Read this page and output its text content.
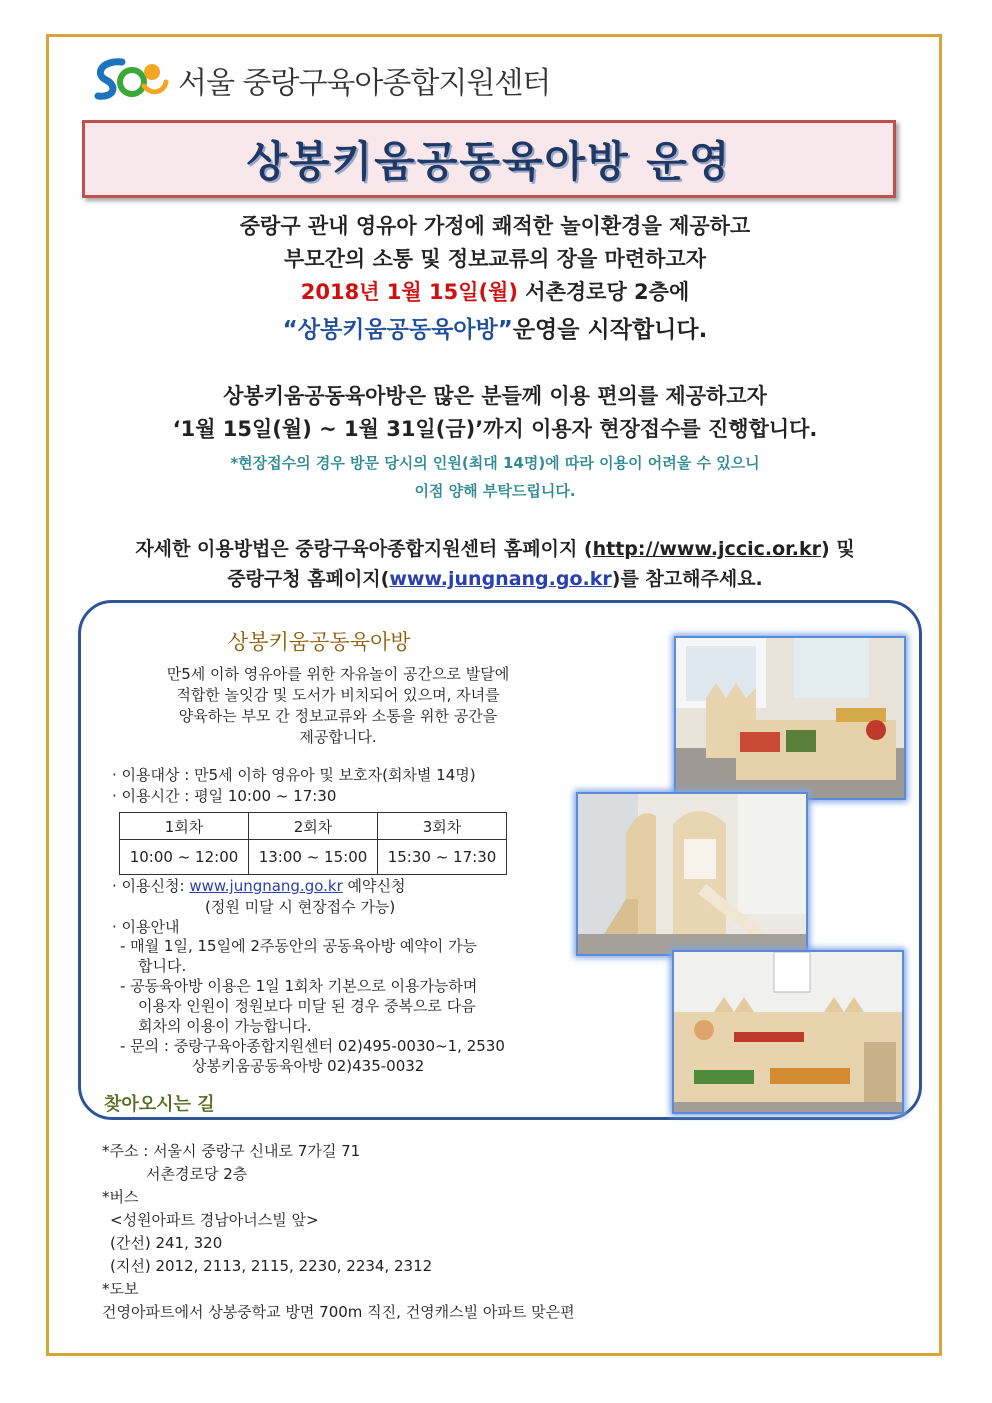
서울 중랑구육아종합지원센터
상봉키움공동육아방 운영
중랑구 관내 영유아 가정에 쾌적한 놀이환경을 제공하고
부모간의 소통 및 정보교류의 장을 마련하고자
2018년 1월 15일(월) 서촌경로당 2층에
“상봉키움공동육아방”운영을 시작합니다.
상봉키움공동육아방은 많은 분들께 이용 편의를 제공하고자
‘1월 15일(월) ~ 1월 31일(금)’까지 이용자 현장접수를 진행합니다.
*현장접수의 경우 방문 당시의 인원(최대 14명)에 따라 이용이 어려울 수 있으니
이점 양해 부탁드립니다.
자세한 이용방법은 중랑구육아종합지원센터 홈페이지 (http://www.jccic.or.kr) 및
중랑구청 홈페이지(www.jungnang.go.kr)를 참고해주세요.
상봉키움공동육아방
만5세 이하 영유아를 위한 자유놀이 공간으로 발달에
적합한 놀잇감 및 도서가 비치되어 있으며, 자녀를
양육하는 부모 간 정보교류와 소통을 위한 공간을
제공합니다.
· 이용대상 : 만5세 이하 영유아 및 보호자(회차별 14명)
· 이용시간 : 평일 10:00 ~ 17:30
1회차	2회차	3회차
10:00 ~ 12:00	13:00 ~ 15:00	15:30 ~ 17:30
· 이용신청: www.jungnang.go.kr 예약신청
(정원 미달 시 현장접수 가능)
· 이용안내
- 매월 1일, 15일에 2주동안의 공동육아방 예약이 가능
합니다.
- 공동육아방 이용은 1일 1회차 기본으로 이용가능하며
이용자 인원이 정원보다 미달 된 경우 중복으로 다음
회차의 이용이 가능합니다.
- 문의 : 중랑구육아종합지원센터 02)495-0030~1, 2530
상봉키움공동육아방 02)435-0032
찾아오시는 길
*주소 : 서울시 중랑구 신내로 7가길 71
서촌경로당 2층
*버스
<성원아파트 경남아너스빌 앞>
(간선) 241, 320
(지선) 2012, 2113, 2115, 2230, 2234, 2312
*도보
건영아파트에서 상봉중학교 방면 700m 직진, 건영캐스빌 아파트 맞은편
